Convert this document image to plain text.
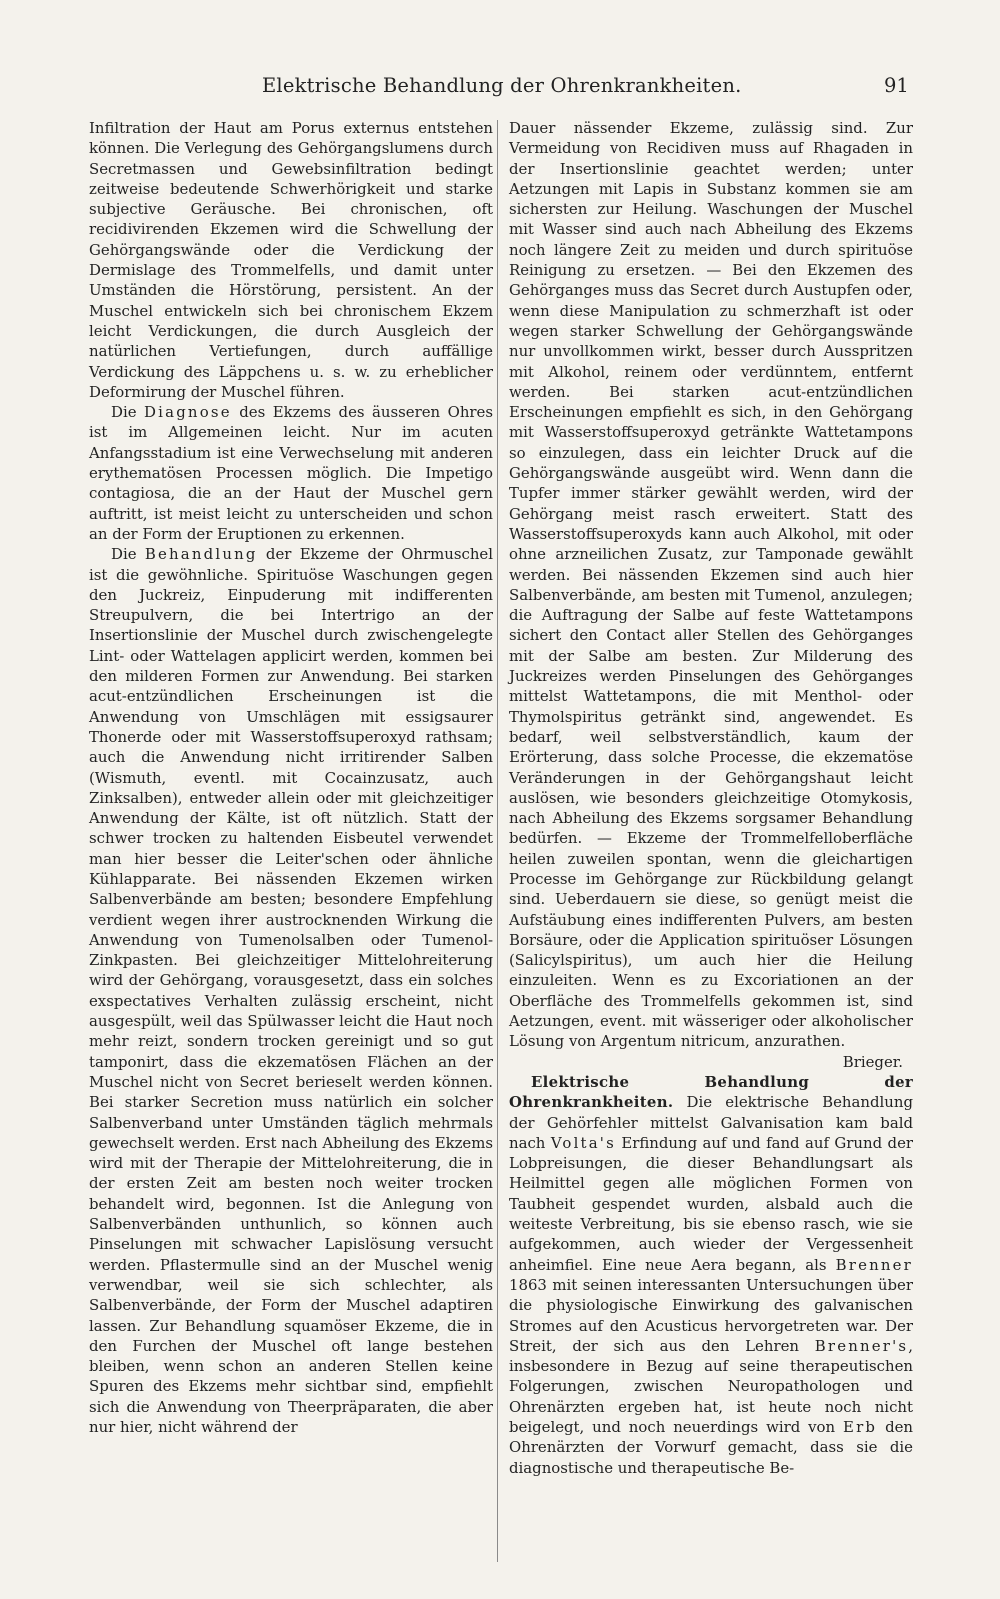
Elektrische Behandlung der Ohrenkrankheiten.	91

Infiltration der Haut am Porus externus entstehen können. Die Verlegung des Gehörgangslumens durch Secretmassen und Gewebsinfiltration bedingt zeitweise bedeutende Schwerhörigkeit und starke subjective Geräusche. Bei chronischen, oft recidivirenden Ekzemen wird die Schwellung der Gehörgangswände oder die Verdickung der Dermislage des Trommelfells, und damit unter Umständen die Hörstörung, persistent. An der Muschel entwickeln sich bei chronischem Ekzem leicht Verdickungen, die durch Ausgleich der natürlichen Vertiefungen, durch auffällige Verdickung des Läppchens u. s. w. zu erheblicher Deformirung der Muschel führen.

Die Diagnose des Ekzems des äusseren Ohres ist im Allgemeinen leicht. Nur im acuten Anfangsstadium ist eine Verwechselung mit anderen erythematösen Processen möglich. Die Impetigo contagiosa, die an der Haut der Muschel gern auftritt, ist meist leicht zu unterscheiden und schon an der Form der Eruptionen zu erkennen.

Die Behandlung der Ekzeme der Ohrmuschel ist die gewöhnliche. Spirituöse Waschungen gegen den Juckreiz, Einpuderung mit indifferenten Streupulvern, die bei Intertrigo an der Insertionslinie der Muschel durch zwischengelegte Lint- oder Wattelagen applicirt werden, kommen bei den milderen Formen zur Anwendung. Bei starken acut-entzündlichen Erscheinungen ist die Anwendung von Umschlägen mit essigsaurer Thonerde oder mit Wasserstoffsuperoxyd rathsam; auch die Anwendung nicht irritirender Salben (Wismuth, eventl. mit Cocainzusatz, auch Zinksalben), entweder allein oder mit gleichzeitiger Anwendung der Kälte, ist oft nützlich. Statt der schwer trocken zu haltenden Eisbeutel verwendet man hier besser die Leiter'schen oder ähnliche Kühlapparate. Bei nässenden Ekzemen wirken Salbenverbände am besten; besondere Empfehlung verdient wegen ihrer austrocknenden Wirkung die Anwendung von Tumenolsalben oder Tumenol-Zinkpasten. Bei gleichzeitiger Mittelohreiterung wird der Gehörgang, vorausgesetzt, dass ein solches exspectatives Verhalten zulässig erscheint, nicht ausgespült, weil das Spülwasser leicht die Haut noch mehr reizt, sondern trocken gereinigt und so gut tamponirt, dass die ekzematösen Flächen an der Muschel nicht von Secret berieselt werden können. Bei starker Secretion muss natürlich ein solcher Salbenverband unter Umständen täglich mehrmals gewechselt werden. Erst nach Abheilung des Ekzems wird mit der Therapie der Mittelohreiterung, die in der ersten Zeit am besten noch weiter trocken behandelt wird, begonnen. Ist die Anlegung von Salbenverbänden unthunlich, so können auch Pinselungen mit schwacher Lapislösung versucht werden. Pflastermulle sind an der Muschel wenig verwendbar, weil sie sich schlechter, als Salbenverbände, der Form der Muschel adaptiren lassen. Zur Behandlung squamöser Ekzeme, die in den Furchen der Muschel oft lange bestehen bleiben, wenn schon an anderen Stellen keine Spuren des Ekzems mehr sichtbar sind, empfiehlt sich die Anwendung von Theerpräparaten, die aber nur hier, nicht während der

Dauer nässender Ekzeme, zulässig sind. Zur Vermeidung von Recidiven muss auf Rhagaden in der Insertionslinie geachtet werden; unter Aetzungen mit Lapis in Substanz kommen sie am sichersten zur Heilung. Waschungen der Muschel mit Wasser sind auch nach Abheilung des Ekzems noch längere Zeit zu meiden und durch spirituöse Reinigung zu ersetzen. — Bei den Ekzemen des Gehörganges muss das Secret durch Austupfen oder, wenn diese Manipulation zu schmerzhaft ist oder wegen starker Schwellung der Gehörgangswände nur unvollkommen wirkt, besser durch Ausspritzen mit Alkohol, reinem oder verdünntem, entfernt werden. Bei starken acut-entzündlichen Erscheinungen empfiehlt es sich, in den Gehörgang mit Wasserstoffsuperoxyd getränkte Wattetampons so einzulegen, dass ein leichter Druck auf die Gehörgangswände ausgeübt wird. Wenn dann die Tupfer immer stärker gewählt werden, wird der Gehörgang meist rasch erweitert. Statt des Wasserstoffsuperoxyds kann auch Alkohol, mit oder ohne arzneilichen Zusatz, zur Tamponade gewählt werden. Bei nässenden Ekzemen sind auch hier Salbenverbände, am besten mit Tumenol, anzulegen; die Auftragung der Salbe auf feste Wattetampons sichert den Contact aller Stellen des Gehörganges mit der Salbe am besten. Zur Milderung des Juckreizes werden Pinselungen des Gehörganges mittelst Wattetampons, die mit Menthol- oder Thymolspiritus getränkt sind, angewendet. Es bedarf, weil selbstverständlich, kaum der Erörterung, dass solche Processe, die ekzematöse Veränderungen in der Gehörgangshaut leicht auslösen, wie besonders gleichzeitige Otomykosis, nach Abheilung des Ekzems sorgsamer Behandlung bedürfen. — Ekzeme der Trommelfelloberfläche heilen zuweilen spontan, wenn die gleichartigen Processe im Gehörgange zur Rückbildung gelangt sind. Ueberdauern sie diese, so genügt meist die Aufstäubung eines indifferenten Pulvers, am besten Borsäure, oder die Application spirituöser Lösungen (Salicylspiritus), um auch hier die Heilung einzuleiten. Wenn es zu Excoriationen an der Oberfläche des Trommelfells gekommen ist, sind Aetzungen, event. mit wässeriger oder alkoholischer Lösung von Argentum nitricum, anzurathen.
Brieger.

Elektrische Behandlung der Ohrenkrankheiten. Die elektrische Behandlung der Gehörfehler mittelst Galvanisation kam bald nach Volta's Erfindung auf und fand auf Grund der Lobpreisungen, die dieser Behandlungsart als Heilmittel gegen alle möglichen Formen von Taubheit gespendet wurden, alsbald auch die weiteste Verbreitung, bis sie ebenso rasch, wie sie aufgekommen, auch wieder der Vergessenheit anheimfiel. Eine neue Aera begann, als Brenner 1863 mit seinen interessanten Untersuchungen über die physiologische Einwirkung des galvanischen Stromes auf den Acusticus hervorgetreten war. Der Streit, der sich aus den Lehren Brenner's, insbesondere in Bezug auf seine therapeutischen Folgerungen, zwischen Neuropathologen und Ohrenärzten ergeben hat, ist heute noch nicht beigelegt, und noch neuerdings wird von Erb den Ohrenärzten der Vorwurf gemacht, dass sie die diagnostische und therapeutische Be-
